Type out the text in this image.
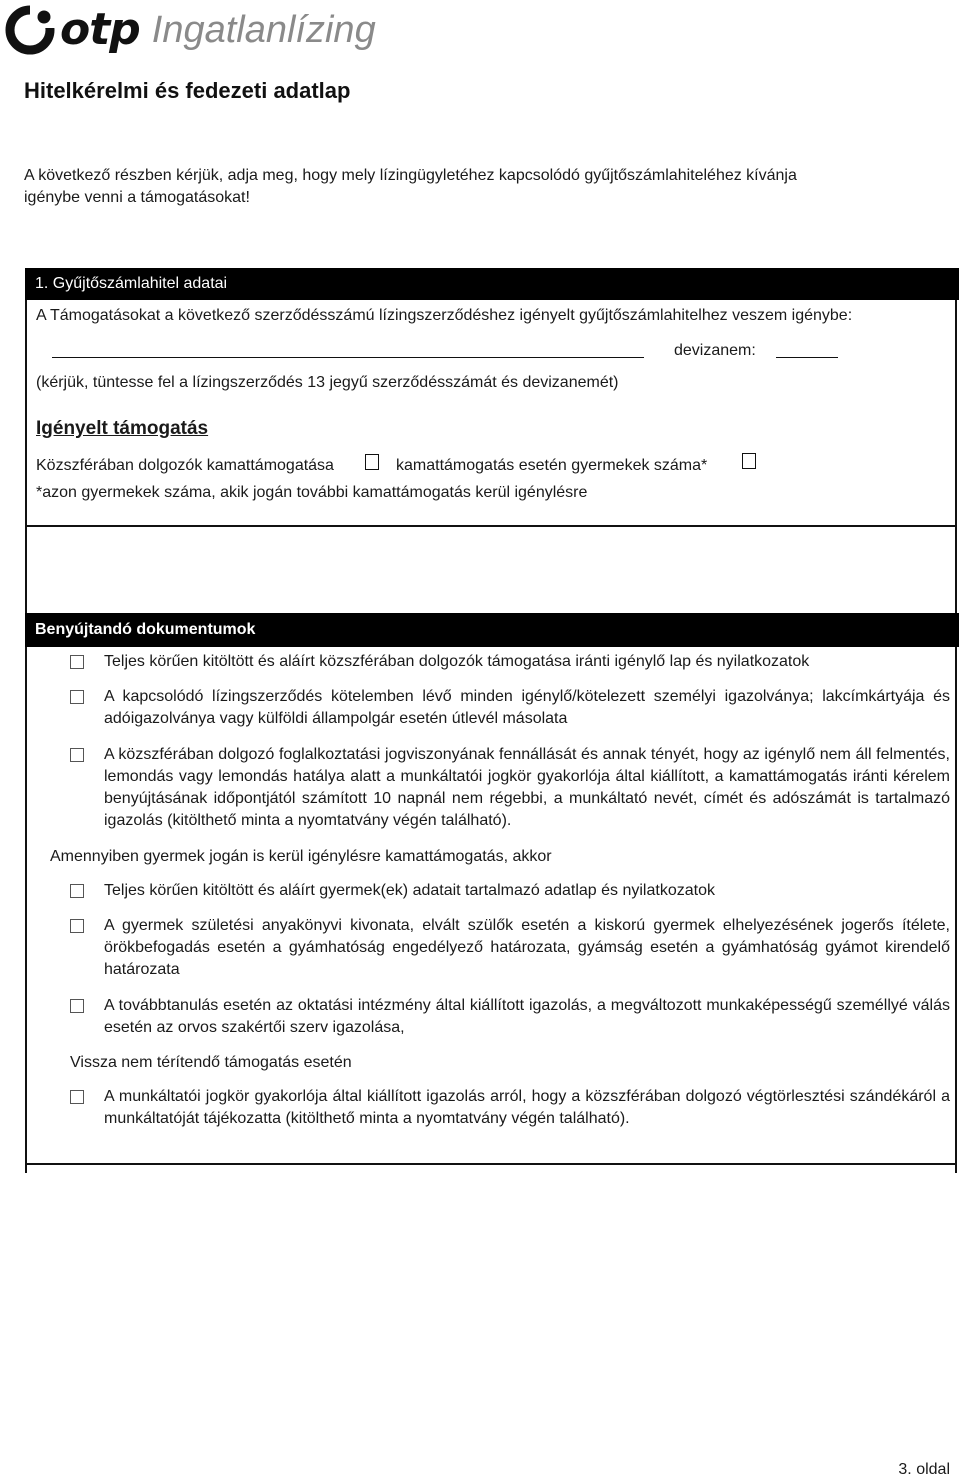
otp Ingatlanlízing
Hitelkérelmi és fedezeti adatlap
A következő részben kérjük, adja meg, hogy mely lízingügyletéhez kapcsolódó gyűjtőszámlahiteléhez kívánja igénybe venni a támogatásokat!
1. Gyűjtőszámlahitel adatai
A Támogatásokat a következő szerződésszámú lízingszerződéshez igényelt gyűjtőszámlahitelhez veszem igénybe:
devizanem:
(kérjük, tüntesse fel a lízingszerződés 13 jegyű szerződésszámát és devizanemét)
Igényelt támogatás
Közszférában dolgozók kamattámogatása	kamattámogatás esetén gyermekek száma*
*azon gyermekek száma, akik jogán további kamattámogatás kerül igénylésre
Benyújtandó dokumentumok
Teljes körűen kitöltött és aláírt közszférában dolgozók támogatása iránti igénylő lap és nyilatkozatok
A kapcsolódó lízingszerződés kötelemben lévő minden igénylő/kötelezett személyi igazolványa; lakcímkártyája és adóigazolványa vagy külföldi állampolgár esetén útlevél másolata
A közszférában dolgozó foglalkoztatási jogviszonyának fennállását és annak tényét, hogy az igénylő nem áll felmentés, lemondás vagy lemondás hatálya alatt a munkáltatói jogkör gyakorlója által kiállított, a kamattámogatás iránti kérelem benyújtásának időpontjától számított 10 napnál nem régebbi, a munkáltató nevét, címét és adószámát is tartalmazó igazolás (kitölthető minta a nyomtatvány végén található).
Amennyiben gyermek jogán is kerül igénylésre kamattámogatás, akkor
Teljes körűen kitöltött és aláírt gyermek(ek) adatait tartalmazó adatlap és nyilatkozatok
A gyermek születési anyakönyvi kivonata, elvált szülők esetén a kiskorú gyermek elhelyezésének jogerős ítélete, örökbefogadás esetén a gyámhatóság engedélyező határozata, gyámság esetén a gyámhatóság gyámot kirendelő határozata
A továbbtanulás esetén az oktatási intézmény által kiállított igazolás, a megváltozott munkaképességű személlyé válás esetén az orvos szakértői szerv igazolása,
Vissza nem térítendő támogatás esetén
A munkáltatói jogkör gyakorlója által kiállított igazolás arról, hogy a közszférában dolgozó végtörlesztési szándékáról a munkáltatóját tájékozatta (kitölthető minta a nyomtatvány végén található).
3. oldal
